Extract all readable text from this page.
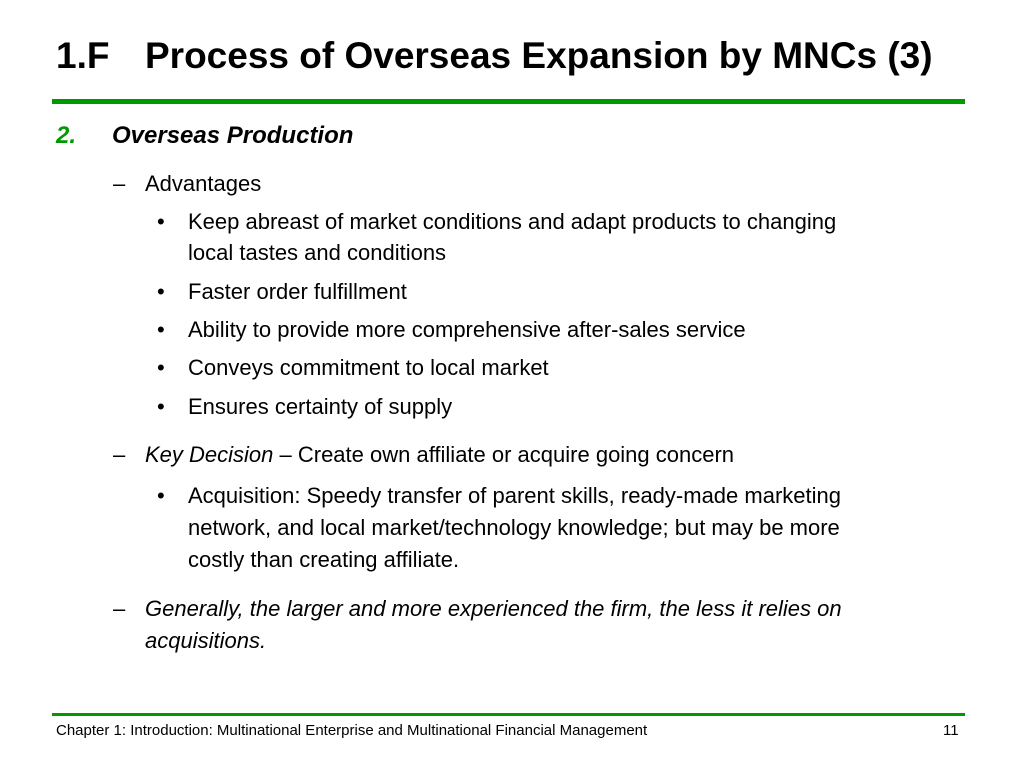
1.F Process of Overseas Expansion by MNCs (3)
2. Overseas Production
– Advantages
• Keep abreast of market conditions and adapt products to changing
local tastes and conditions
• Faster order fulfillment
• Ability to provide more comprehensive after-sales service
• Conveys commitment to local market
• Ensures certainty of supply
– Key Decision – Create own affiliate or acquire going concern
• Acquisition: Speedy transfer of parent skills, ready-made marketing
network, and local market/technology knowledge; but may be more
costly than creating affiliate.
– Generally, the larger and more experienced the firm, the less it relies on
acquisitions.
Chapter 1: Introduction: Multinational Enterprise and Multinational Financial Management	11
